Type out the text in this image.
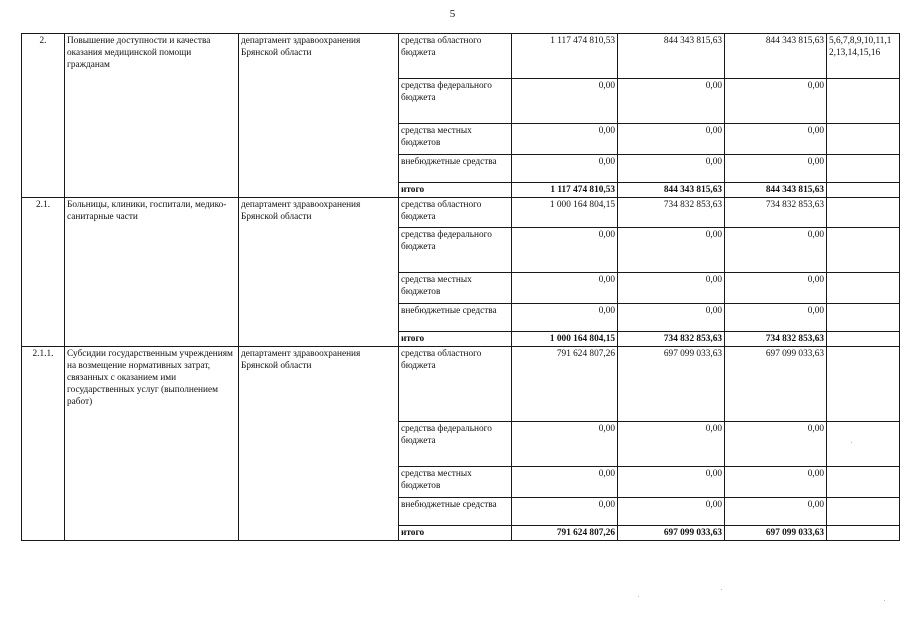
5
2.	Повышение доступности и качества оказания медицинской помощи гражданам	департамент здравоохранения Брянской области	средства областного бюджета	1 117 474 810,53	844 343 815,63	844 343 815,63	5,6,7,8,9,10,11,12,13,14,15,16
			средства федерального бюджета	0,00	0,00	0,00	
			средства местных бюджетов	0,00	0,00	0,00	
			внебюджетные средства	0,00	0,00	0,00	
			итого	1 117 474 810,53	844 343 815,63	844 343 815,63	
2.1.	Больницы, клиники, госпитали, медико-санитарные части	департамент здравоохранения Брянской области	средства областного бюджета	1 000 164 804,15	734 832 853,63	734 832 853,63	
			средства федерального бюджета	0,00	0,00	0,00	
			средства местных бюджетов	0,00	0,00	0,00	
			внебюджетные средства	0,00	0,00	0,00	
			итого	1 000 164 804,15	734 832 853,63	734 832 853,63	
2.1.1.	Субсидии государственным учреждениям на возмещение нормативных затрат, связанных с оказанием ими государственных услуг (выполнением работ)	департамент здравоохранения Брянской области	средства областного бюджета	791 624 807,26	697 099 033,63	697 099 033,63	
			средства федерального бюджета	0,00	0,00	0,00	
			средства местных бюджетов	0,00	0,00	0,00	
			внебюджетные средства	0,00	0,00	0,00	
			итого	791 624 807,26	697 099 033,63	697 099 033,63	
